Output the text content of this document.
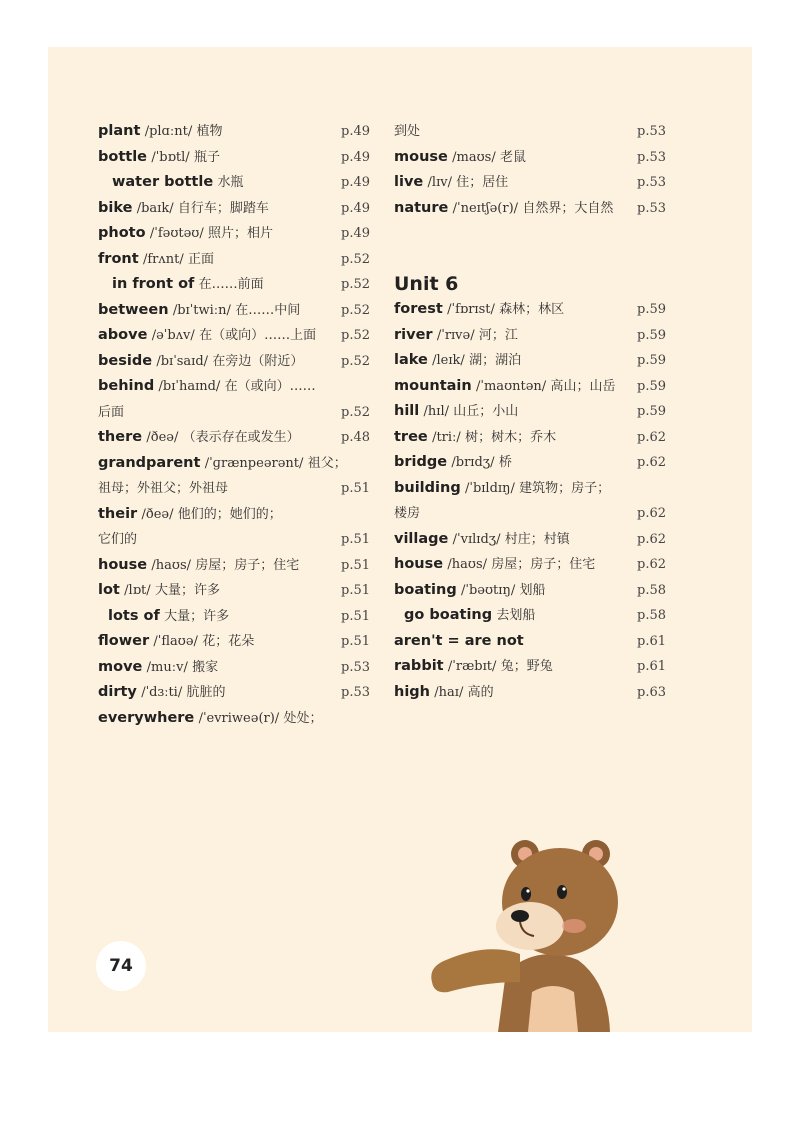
plant /plɑːnt/ 植物	p.49
bottle /ˈbɒtl/ 瓶子	p.49
water bottle 水瓶	p.49
bike /baɪk/ 自行车；脚踏车	p.49
photo /ˈfəʊtəʊ/ 照片；相片	p.49
front /frʌnt/ 正面	p.52
in front of 在……前面	p.52
between /bɪˈtwiːn/ 在……中间	p.52
above /əˈbʌv/ 在（或向）……上面 p.52
beside /bɪˈsaɪd/ 在旁边（附近）	p.52
behind /bɪˈhaɪnd/ 在（或向）……
后面	p.52
there /ðeə/ （表示存在或发生）	p.48
grandparent /ˈɡrænpeərənt/ 祖父；
祖母；外祖父；外祖母	p.51
their /ðeə/ 他们的；她们的；
它们的	p.51
house /haʊs/ 房屋；房子；住宅	p.51
lot /lɒt/ 大量；许多	p.51
lots of 大量；许多	p.51
flower /ˈflaʊə/ 花；花朵	p.51
move /muːv/ 搬家	p.53
dirty /ˈdɜːti/ 肮脏的	p.53
everywhere /ˈevriweə(r)/ 处处；
到处	p.53
mouse /maʊs/ 老鼠	p.53
live /lɪv/ 住；居住	p.53
nature /ˈneɪtʃə(r)/ 自然界；大自然 p.53
Unit 6
forest /ˈfɒrɪst/ 森林；林区	p.59
river /ˈrɪvə/ 河；江	p.59
lake /leɪk/ 湖；湖泊	p.59
mountain /ˈmaʊntən/ 高山；山岳 p.59
hill /hɪl/ 山丘；小山	p.59
tree /triː/ 树；树木；乔木	p.62
bridge /brɪdʒ/ 桥	p.62
building /ˈbɪldɪŋ/ 建筑物；房子；
楼房	p.62
village /ˈvɪlɪdʒ/ 村庄；村镇	p.62
house /haʊs/ 房屋；房子；住宅	p.62
boating /ˈbəʊtɪŋ/ 划船	p.58
go boating 去划船	p.58
aren't = are not	p.61
rabbit /ˈræbɪt/ 兔；野兔	p.61
high /haɪ/ 高的	p.63
74
